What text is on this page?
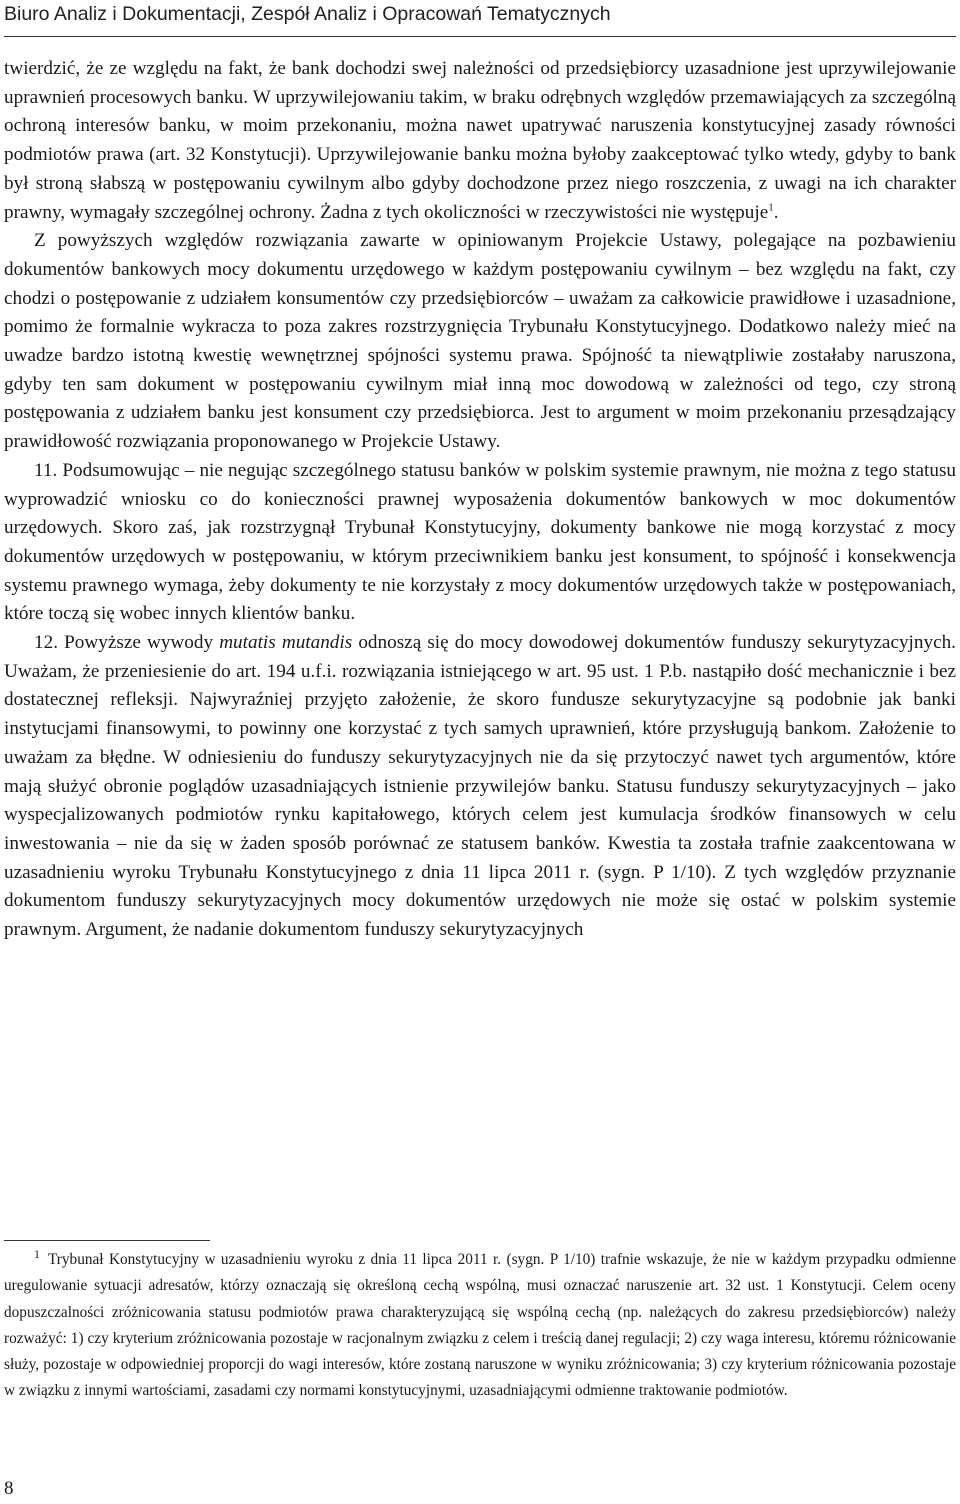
Biuro Analiz i Dokumentacji, Zespół Analiz i Opracowań Tematycznych

twierdzić, że ze względu na fakt, że bank dochodzi swej należności od przedsiębiorcy uzasadnione jest uprzywilejowanie uprawnień procesowych banku. W uprzywilejowaniu takim, w braku odrębnych względów przemawiających za szczególną ochroną interesów banku, w moim przekonaniu, można nawet upatrywać naruszenia konstytucyjnej zasady równości podmiotów prawa (art. 32 Konstytucji). Uprzywilejowanie banku można byłoby zaakceptować tylko wtedy, gdyby to bank był stroną słabszą w postępowaniu cywilnym albo gdyby dochodzone przez niego roszczenia, z uwagi na ich charakter prawny, wymagały szczególnej ochrony. Żadna z tych okoliczności w rzeczywistości nie występuje$^1$.

Z powyższych względów rozwiązania zawarte w opiniowanym Projekcie Ustawy, polegające na pozbawieniu dokumentów bankowych mocy dokumentu urzędowego w każdym postępowaniu cywilnym – bez względu na fakt, czy chodzi o postępowanie z udziałem konsumentów czy przedsiębiorców – uważam za całkowicie prawidłowe i uzasadnione, pomimo że formalnie wykracza to poza zakres rozstrzygnięcia Trybunału Konstytucyjnego. Dodatkowo należy mieć na uwadze bardzo istotną kwestię wewnętrznej spójności systemu prawa. Spójność ta niewątpliwie zostałaby naruszona, gdyby ten sam dokument w postępowaniu cywilnym miał inną moc dowodową w zależności od tego, czy stroną postępowania z udziałem banku jest konsument czy przedsiębiorca. Jest to argument w moim przekonaniu przesądzający prawidłowość rozwiązania proponowanego w Projekcie Ustawy.

11. Podsumowując – nie negując szczególnego statusu banków w polskim systemie prawnym, nie można z tego statusu wyprowadzić wniosku co do konieczności prawnej wyposażenia dokumentów bankowych w moc dokumentów urzędowych. Skoro zaś, jak rozstrzygnął Trybunał Konstytucyjny, dokumenty bankowe nie mogą korzystać z mocy dokumentów urzędowych w postępowaniu, w którym przeciwnikiem banku jest konsument, to spójność i konsekwencja systemu prawnego wymaga, żeby dokumenty te nie korzystały z mocy dokumentów urzędowych także w postępowaniach, które toczą się wobec innych klientów banku.

12. Powyższe wywody mutatis mutandis odnoszą się do mocy dowodowej dokumentów funduszy sekurytyzacyjnych. Uważam, że przeniesienie do art. 194 u.f.i. rozwiązania istniejącego w art. 95 ust. 1 P.b. nastąpiło dość mechanicznie i bez dostatecznej refleksji. Najwyraźniej przyjęto założenie, że skoro fundusze sekurytyzacyjne są podobnie jak banki instytucjami finansowymi, to powinny one korzystać z tych samych uprawnień, które przysługują bankom. Założenie to uważam za błędne. W odniesieniu do funduszy sekurytyzacyjnych nie da się przytoczyć nawet tych argumentów, które mają służyć obronie poglądów uzasadniających istnienie przywilejów banku. Statusu funduszy sekurytyzacyjnych – jako wyspecjalizowanych podmiotów rynku kapitałowego, których celem jest kumulacja środków finansowych w celu inwestowania – nie da się w żaden sposób porównać ze statusem banków. Kwestia ta została trafnie zaakcentowana w uzasadnieniu wyroku Trybunału Konstytucyjnego z dnia 11 lipca 2011 r. (sygn. P 1/10). Z tych względów przyznanie dokumentom funduszy sekurytyzacyjnych mocy dokumentów urzędowych nie może się ostać w polskim systemie prawnym. Argument, że nadanie dokumentom funduszy sekurytyzacyjnych

1 Trybunał Konstytucyjny w uzasadnieniu wyroku z dnia 11 lipca 2011 r. (sygn. P 1/10) trafnie wskazuje, że nie w każdym przypadku odmienne uregulowanie sytuacji adresatów, którzy oznaczają się określoną cechą wspólną, musi oznaczać naruszenie art. 32 ust. 1 Konstytucji. Celem oceny dopuszczalności zróżnicowania statusu podmiotów prawa charakteryzującą się wspólną cechą (np. należących do zakresu przedsiębiorców) należy rozważyć: 1) czy kryterium zróżnicowania pozostaje w racjonalnym związku z celem i treścią danej regulacji; 2) czy waga interesu, któremu różnicowanie służy, pozostaje w odpowiedniej proporcji do wagi interesów, które zostaną naruszone w wyniku zróżnicowania; 3) czy kryterium różnicowania pozostaje w związku z innymi wartościami, zasadami czy normami konstytucyjnymi, uzasadniającymi odmienne traktowanie podmiotów.
8
